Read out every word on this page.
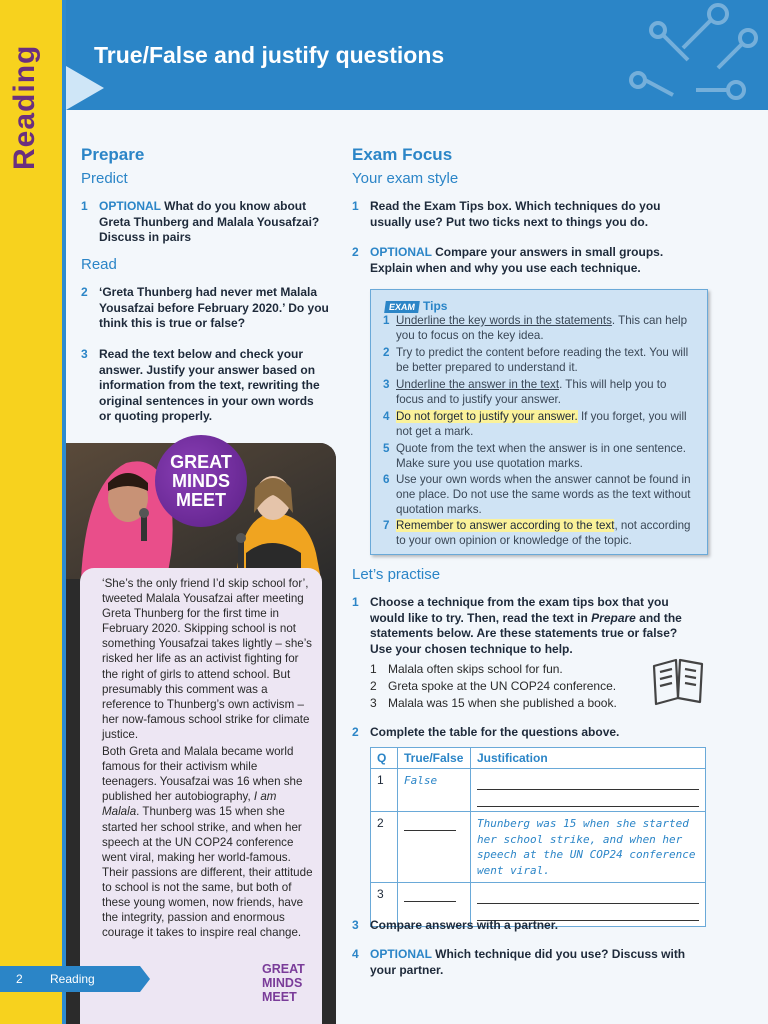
Reading True/False and justify questions
Prepare
Predict
1 OPTIONAL What do you know about Greta Thunberg and Malala Yousafzai? Discuss in pairs
Read
2 ‘Greta Thunberg had never met Malala Yousafzai before February 2020.’ Do you think this is true or false?
3 Read the text below and check your answer. Justify your answer based on information from the text, rewriting the original sentences in your own words or quoting properly.
GREAT
MINDS
MEET

‘She’s the only friend I’d skip school for’, tweeted Malala Yousafzai after meeting Greta Thunberg for the first time in February 2020. Skipping school is not something Yousafzai takes lightly – she’s risked her life as an activist fighting for the right of girls to attend school. But presumably this comment was a reference to Thunberg’s own activism – her now-famous school strike for climate justice.

Both Greta and Malala became world famous for their activism while teenagers. Yousafzai was 16 when she published her autobiography, I am Malala. Thunberg was 15 when she started her school strike, and when her speech at the UN COP24 conference went viral, making her world-famous. Their passions are different, their attitude to school is not the same, but both of these young women, now friends, have the integrity, passion and enormous courage it takes to inspire real change.

GREAT
MINDS
MEET
Exam Focus
Your exam style
1 Read the Exam Tips box. Which techniques do you usually use? Put two ticks next to things you do.
2 OPTIONAL Compare your answers in small groups. Explain when and why you use each technique.
EXAM Tips
1 Underline the key words in the statements. This can help you to focus on the key idea.
2 Try to predict the content before reading the text. You will be better prepared to understand it.
3 Underline the answer in the text. This will help you to focus and to justify your answer.
4 Do not forget to justify your answer. If you forget, you will not get a mark.
5 Quote from the text when the answer is in one sentence. Make sure you use quotation marks.
6 Use your own words when the answer cannot be found in one place. Do not use the same words as the text without quotation marks.
7 Remember to answer according to the text, not according to your own opinion or knowledge of the topic.
Let’s practise
1 Choose a technique from the exam tips box that you would like to try. Then, read the text in Prepare and the statements below. Are these statements true or false? Use your chosen technique to help.
1 Malala often skips school for fun.
2 Greta spoke at the UN COP24 conference.
3 Malala was 15 when she published a book.
2 Complete the table for the questions above.
Q	True/False	Justification
1	False	

2		Thunberg was 15 when she started her school strike, and when her speech at the UN COP24 conference went viral.

3	

3 Compare answers with a partner.
4 OPTIONAL Which technique did you use? Discuss with your partner.
2 Reading
